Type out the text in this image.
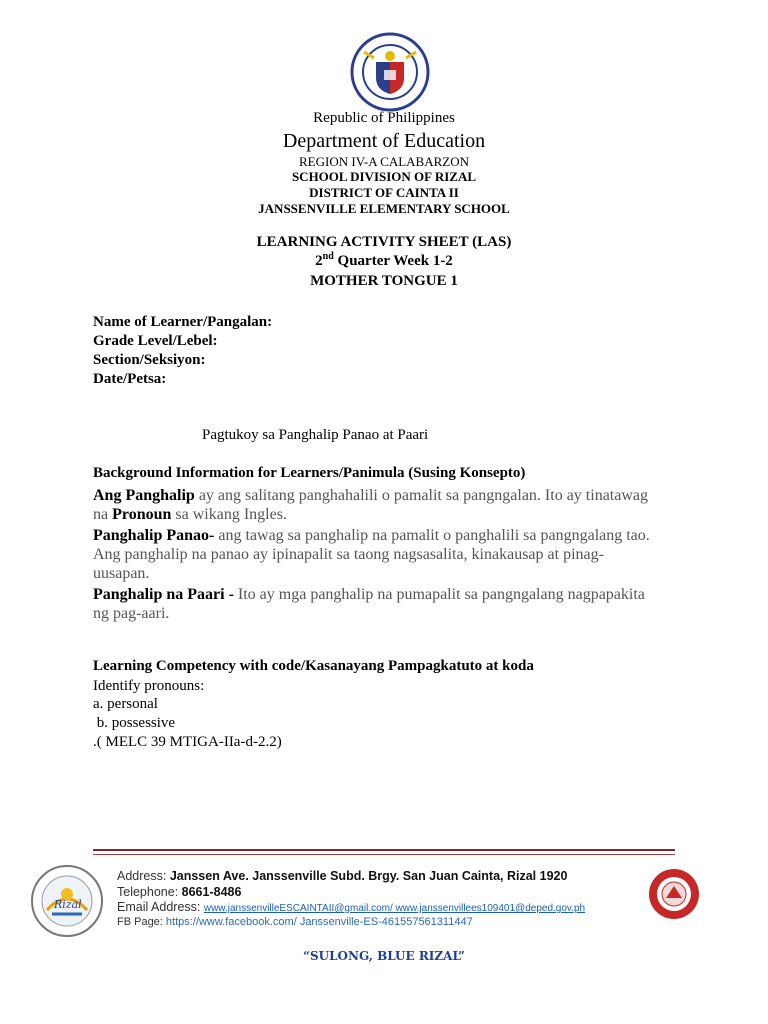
Republic of Philippines
Department of Education
REGION IV-A CALABARZON
SCHOOL DIVISION OF RIZAL
DISTRICT OF CAINTA II
JANSSENVILLE ELEMENTARY SCHOOL
LEARNING ACTIVITY SHEET (LAS)
2nd Quarter Week 1-2
MOTHER TONGUE 1
Name of Learner/Pangalan:
Grade Level/Lebel:
Section/Seksiyon:
Date/Petsa:
Pagtukoy sa Panghalip Panao at Paari
Background Information for Learners/Panimula (Susing Konsepto)
Ang Panghalip ay ang salitang panghahalili o pamalit sa pangngalan. Ito ay tinatawag na Pronoun sa wikang Ingles.
Panghalip Panao- ang tawag sa panghalip na pamalit o panghalili sa pangngalang tao. Ang panghalip na panao ay ipinapalit sa taong nagsasalita, kinakausap at pinag-uusapan.
Panghalip na Paari - Ito ay mga panghalip na pumapalit sa pangngalang nagpapakita ng pag-aari.
Learning Competency with code/Kasanayang Pampagkatuto at koda
Identify pronouns:
a. personal
b. possessive
.( MELC 39 MTIGA-IIa-d-2.2)
Rizal
Address: Janssen Ave. Janssenville Subd. Brgy. San Juan Cainta, Rizal 1920
Telephone: 8661-8486
Email Address: www.janssenvilleESCAINTAII@gmail.com/ www.janssenvillees109401@deped.gov.ph
FB Page: https://www.facebook.com/ Janssenville-ES-461557561311447
“SULONG, BLUE RIZAL”
